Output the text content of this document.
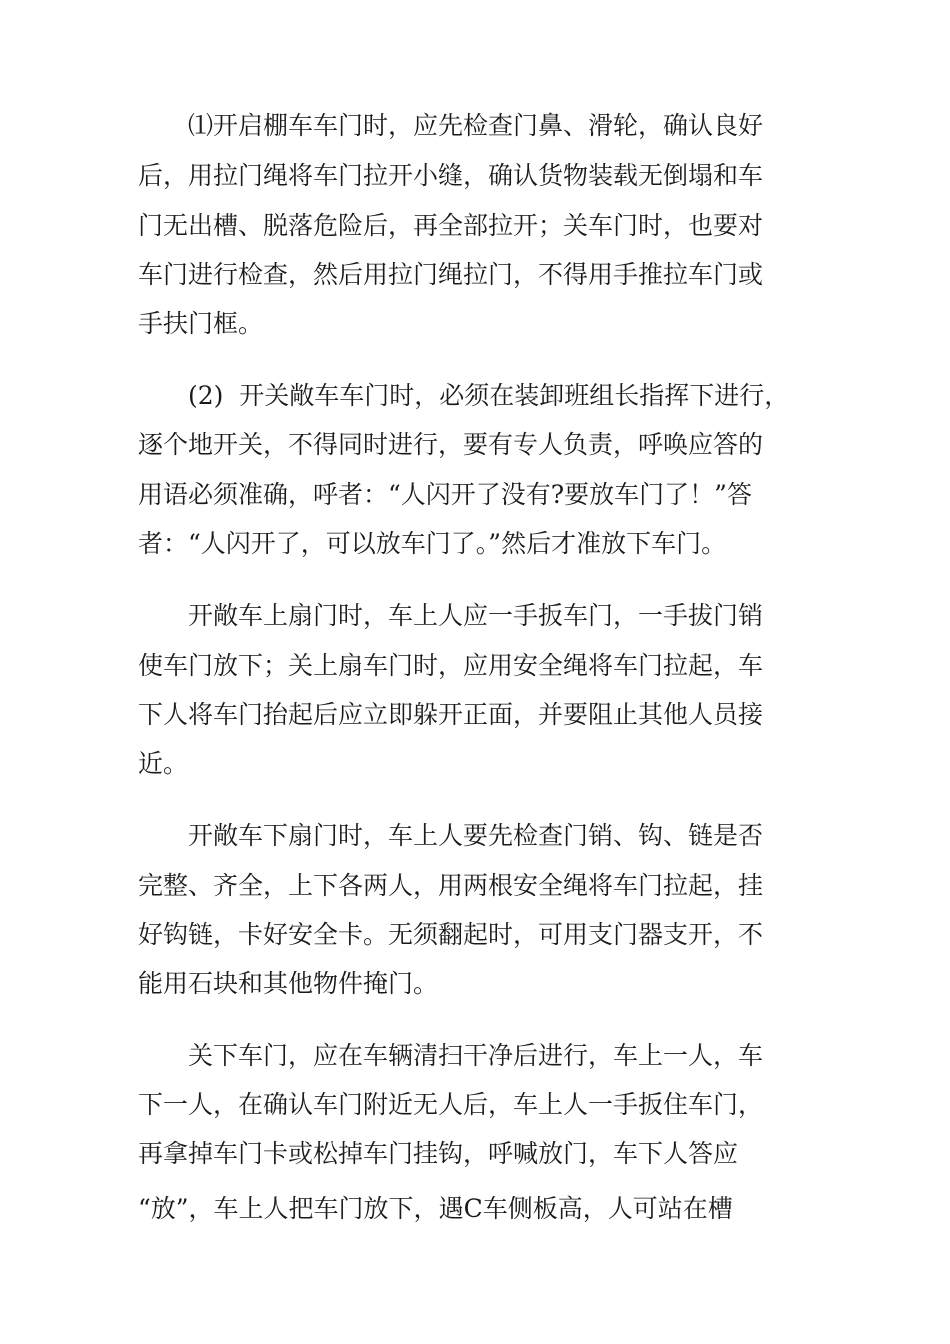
⑴开启棚车车门时，应先检查门鼻、滑轮，确认良好
后，用拉门绳将车门拉开小缝，确认货物装载无倒塌和车
门无出槽、脱落危险后，再全部拉开；关车门时，也要对
车门进行检查，然后用拉门绳拉门，不得用手推拉车门或
手扶门框。
(2)  开关敞车车门时，必须在装卸班组长指挥下进行，
逐个地开关，不得同时进行，要有专人负责，呼唤应答的
用语必须准确，呼者：“人闪开了没有?要放车门了！”答
者：“人闪开了，可以放车门了。”然后才准放下车门。
开敞车上扇门时，车上人应一手扳车门，一手拔门销
使车门放下；关上扇车门时，应用安全绳将车门拉起，车
下人将车门抬起后应立即躲开正面，并要阻止其他人员接
近。
开敞车下扇门时，车上人要先检查门销、钩、链是否
完整、齐全，上下各两人，用两根安全绳将车门拉起，挂
好钩链，卡好安全卡。无须翻起时，可用支门器支开，不
能用石块和其他物件掩门。
关下车门，应在车辆清扫干净后进行，车上一人，车
下一人，在确认车门附近无人后，车上人一手扳住车门，
再拿掉车门卡或松掉车门挂钩，呼喊放门，车下人答应
“放”，车上人把车门放下，遇C车侧板高，人可站在槽
